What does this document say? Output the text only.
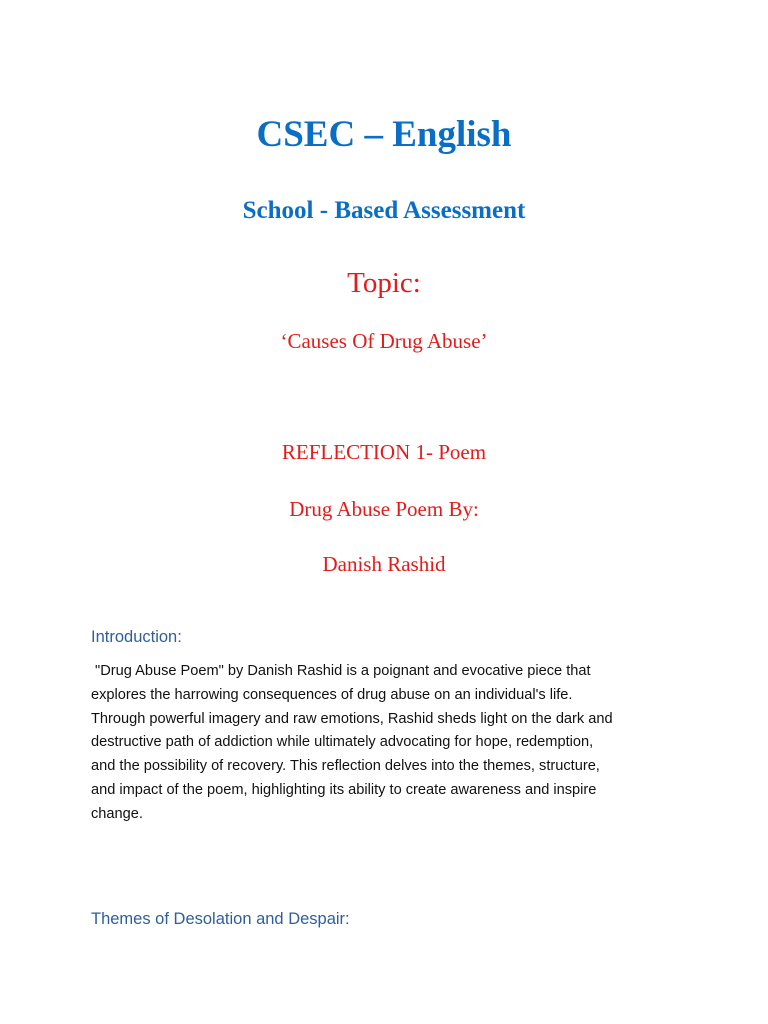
CSEC – English
School - Based Assessment
Topic:
‘Causes Of Drug Abuse’
REFLECTION 1- Poem
Drug Abuse Poem By:
Danish Rashid
Introduction:
"Drug Abuse Poem" by Danish Rashid is a poignant and evocative piece that
explores the harrowing consequences of drug abuse on an individual's life.
Through powerful imagery and raw emotions, Rashid sheds light on the dark and
destructive path of addiction while ultimately advocating for hope, redemption,
and the possibility of recovery. This reflection delves into the themes, structure,
and impact of the poem, highlighting its ability to create awareness and inspire
change.
Themes of Desolation and Despair:
